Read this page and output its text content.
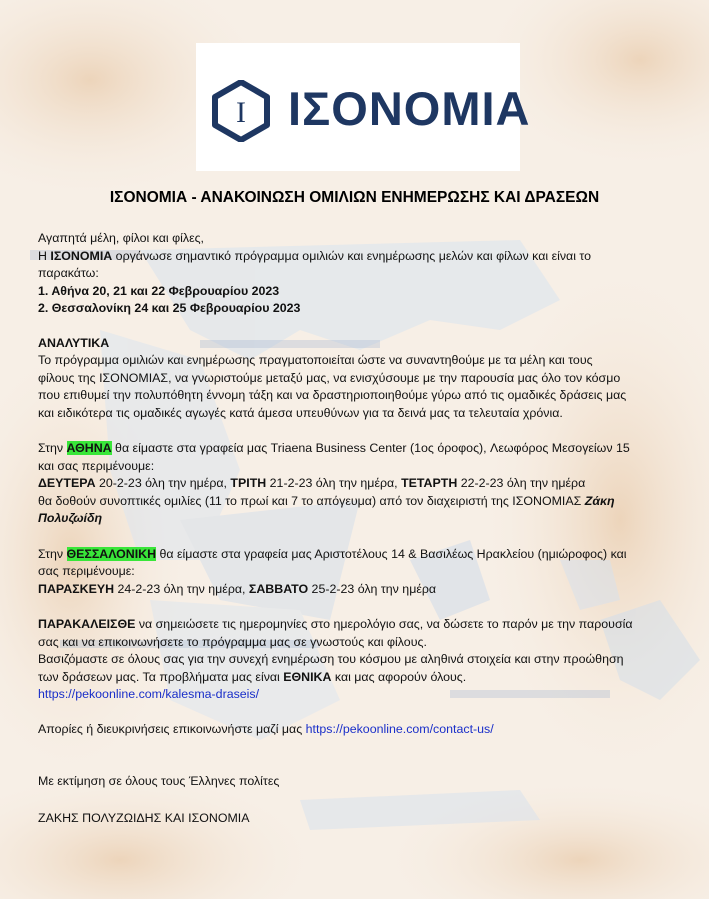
Ι ΙΣΟΝΟΜΙΑ
ΙΣΟΝΟΜΙΑ - ΑΝΑΚΟΙΝΩΣΗ ΟΜΙΛΙΩΝ ΕΝΗΜΕΡΩΣΗΣ ΚΑΙ ΔΡΑΣΕΩΝ
Αγαπητά μέλη, φίλοι και φίλες,
Η ΙΣΟΝΟΜΙΑ οργάνωσε σημαντικό πρόγραμμα ομιλιών και ενημέρωσης μελών και φίλων και είναι το
παρακάτω:
1. Αθήνα 20, 21 και 22 Φεβρουαρίου 2023
2. Θεσσαλονίκη 24 και 25 Φεβρουαρίου 2023
ΑΝΑΛΥΤΙΚΑ
Το πρόγραμμα ομιλιών και ενημέρωσης πραγματοποιείται ώστε να συναντηθούμε με τα μέλη και τους
φίλους της ΙΣΟΝΟΜΙΑΣ, να γνωριστούμε μεταξύ μας, να ενισχύσουμε με την παρουσία μας όλο τον κόσμο
που επιθυμεί την πολυπόθητη έννομη τάξη και να δραστηριοποιηθούμε γύρω από τις ομαδικές δράσεις μας
και ειδικότερα τις ομαδικές αγωγές κατά άμεσα υπευθύνων για τα δεινά μας τα τελευταία χρόνια.
Στην ΑΘΗΝΑ θα είμαστε στα γραφεία μας Triaena Business Center (1ος όροφος), Λεωφόρος Μεσογείων 15
και σας περιμένουμε:
ΔΕΥΤΕΡΑ 20-2-23 όλη την ημέρα, ΤΡΙΤΗ 21-2-23 όλη την ημέρα, ΤΕΤΑΡΤΗ 22-2-23 όλη την ημέρα
θα δοθούν συνοπτικές ομιλίες (11 το πρωί και 7 το απόγευμα) από τον διαχειριστή της ΙΣΟΝΟΜΙΑΣ Ζάκη
Πολυζωίδη
Στην ΘΕΣΣΑΛΟΝΙΚΗ θα είμαστε στα γραφεία μας Αριστοτέλους 14 & Βασιλέως Ηρακλείου (ημιώροφος) και
σας περιμένουμε:
ΠΑΡΑΣΚΕΥΗ 24-2-23 όλη την ημέρα, ΣΑΒΒΑΤΟ 25-2-23 όλη την ημέρα
ΠΑΡΑΚΑΛΕΙΣΘΕ να σημειώσετε τις ημερομηνίες στο ημερολόγιο σας, να δώσετε το παρόν με την παρουσία
σας και να επικοινωνήσετε το πρόγραμμα μας σε γνωστούς και φίλους.
Βασιζόμαστε σε όλους σας για την συνεχή ενημέρωση του κόσμου με αληθινά στοιχεία και στην προώθηση
των δράσεων μας. Τα προβλήματα μας είναι ΕΘΝΙΚΑ και μας αφορούν όλους.
https://pekoonline.com/kalesma-draseis/
Απορίες ή διευκρινήσεις επικοινωνήστε μαζί μας https://pekoonline.com/contact-us/
Με εκτίμηση σε όλους τους Έλληνες πολίτες
ΖΑΚΗΣ ΠΟΛΥΖΩΙΔΗΣ ΚΑΙ ΙΣΟΝΟΜΙΑ
